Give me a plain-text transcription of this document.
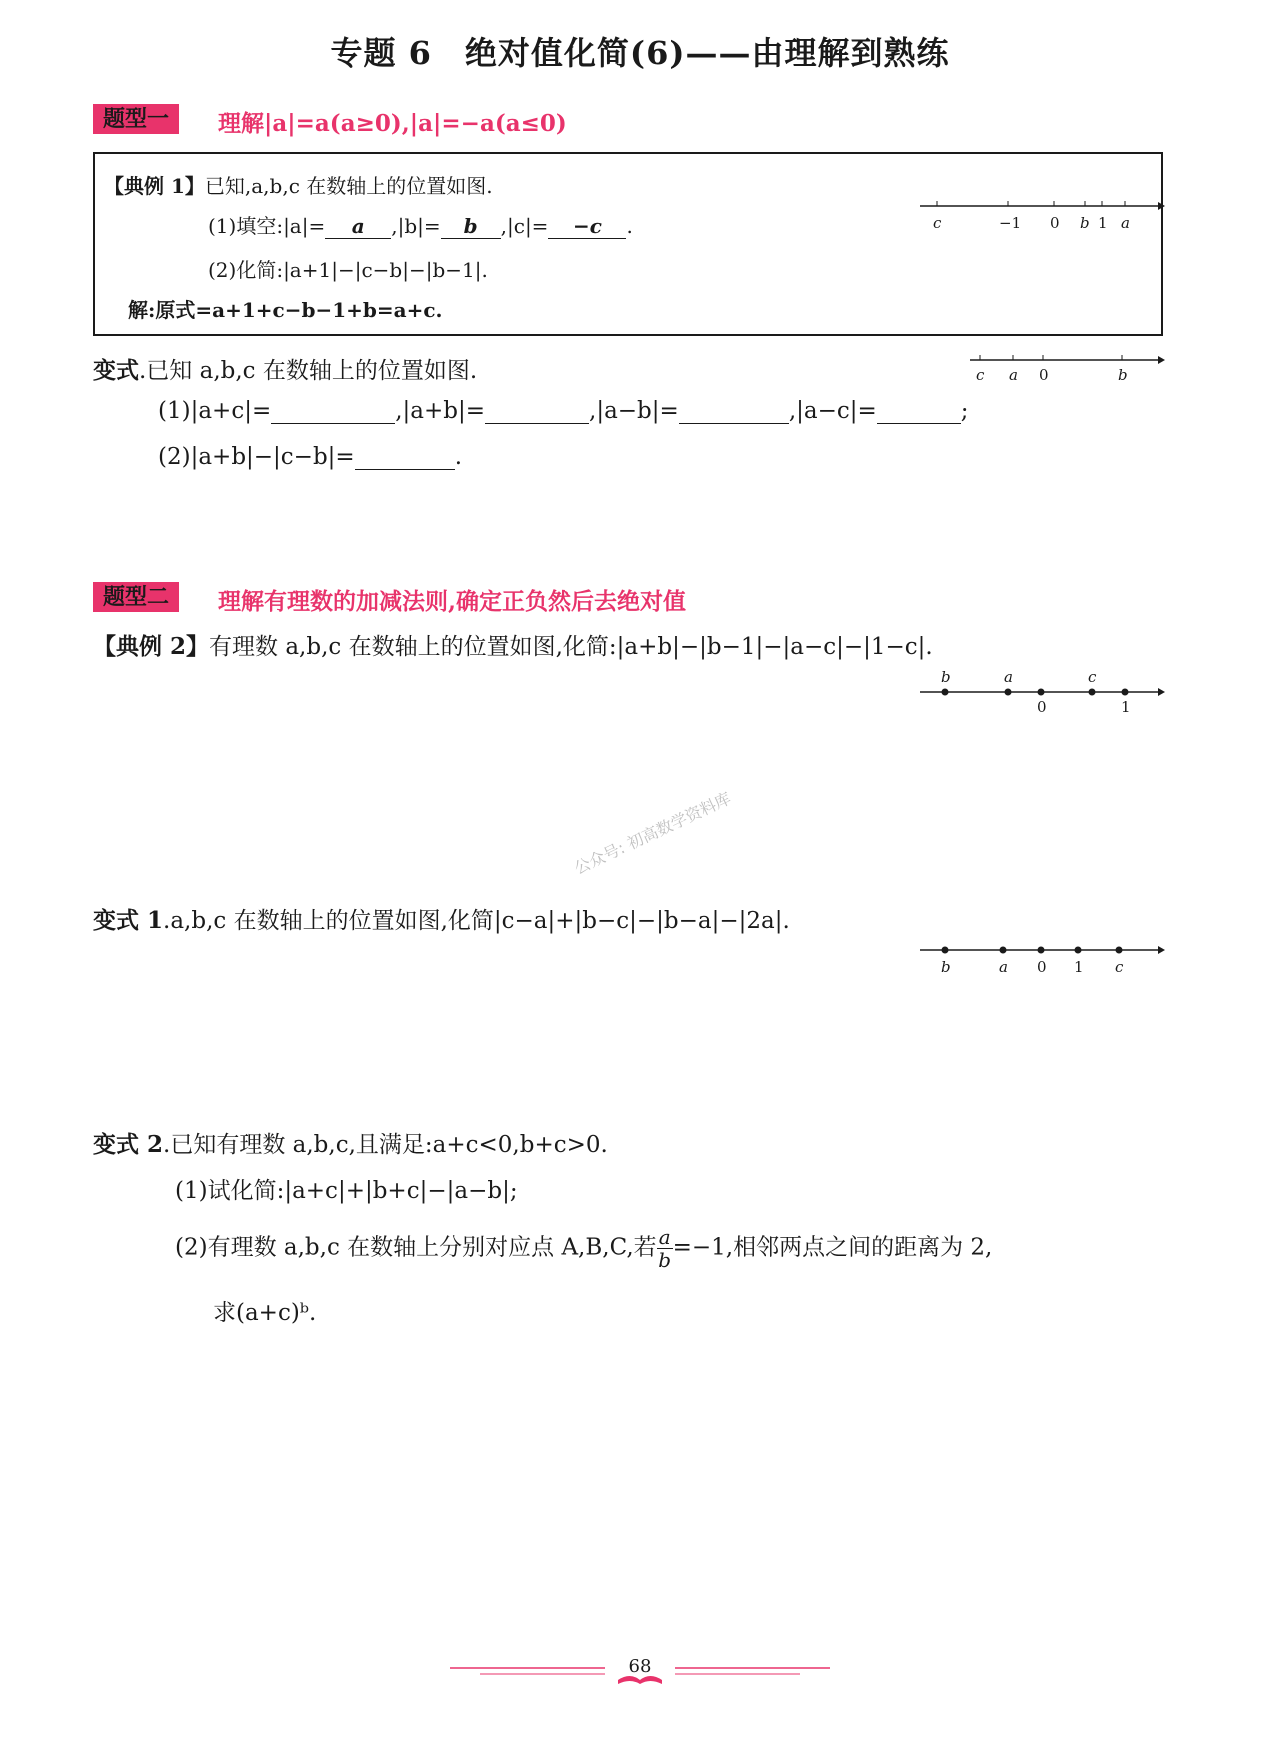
专题 6　绝对值化简(6)——由理解到熟练
题型一	理解|a|=a(a≥0),|a|=−a(a≤0)
【典例 1】已知,a,b,c 在数轴上的位置如图.
(1)填空:|a|= a ,|b|= b ,|c|= −c .
(2)化简:|a+1|−|c−b|−|b−1|.
解:原式=a+1+c−b−1+b=a+c.
c	−1 0 b 1 a
变式.已知 a,b,c 在数轴上的位置如图.	c a 0	b
(1)|a+c|=	,|a+b|=	,|a−b|=	,|a−c|=	;
(2)|a+b|−|c−b|=	.
题型二	理解有理数的加减法则,确定正负然后去绝对值
【典例 2】有理数 a,b,c 在数轴上的位置如图,化简:|a+b|−|b−1|−|a−c|−|1−c|.
b	a	c
0	1
公众号: 初高数学资料库
变式 1.a,b,c 在数轴上的位置如图,化简|c−a|+|b−c|−|b−a|−|2a|.
b	a 0 1 c
变式 2.已知有理数 a,b,c,且满足:a+c<0,b+c>0.
(1)试化简:|a+c|+|b+c|−|a−b|;
(2)有理数 a,b,c 在数轴上分别对应点 A,B,C,若 $\frac{a}{b} =-1$,相邻两点之间的距离为 2,
求(a+c)ᵇ.
68
